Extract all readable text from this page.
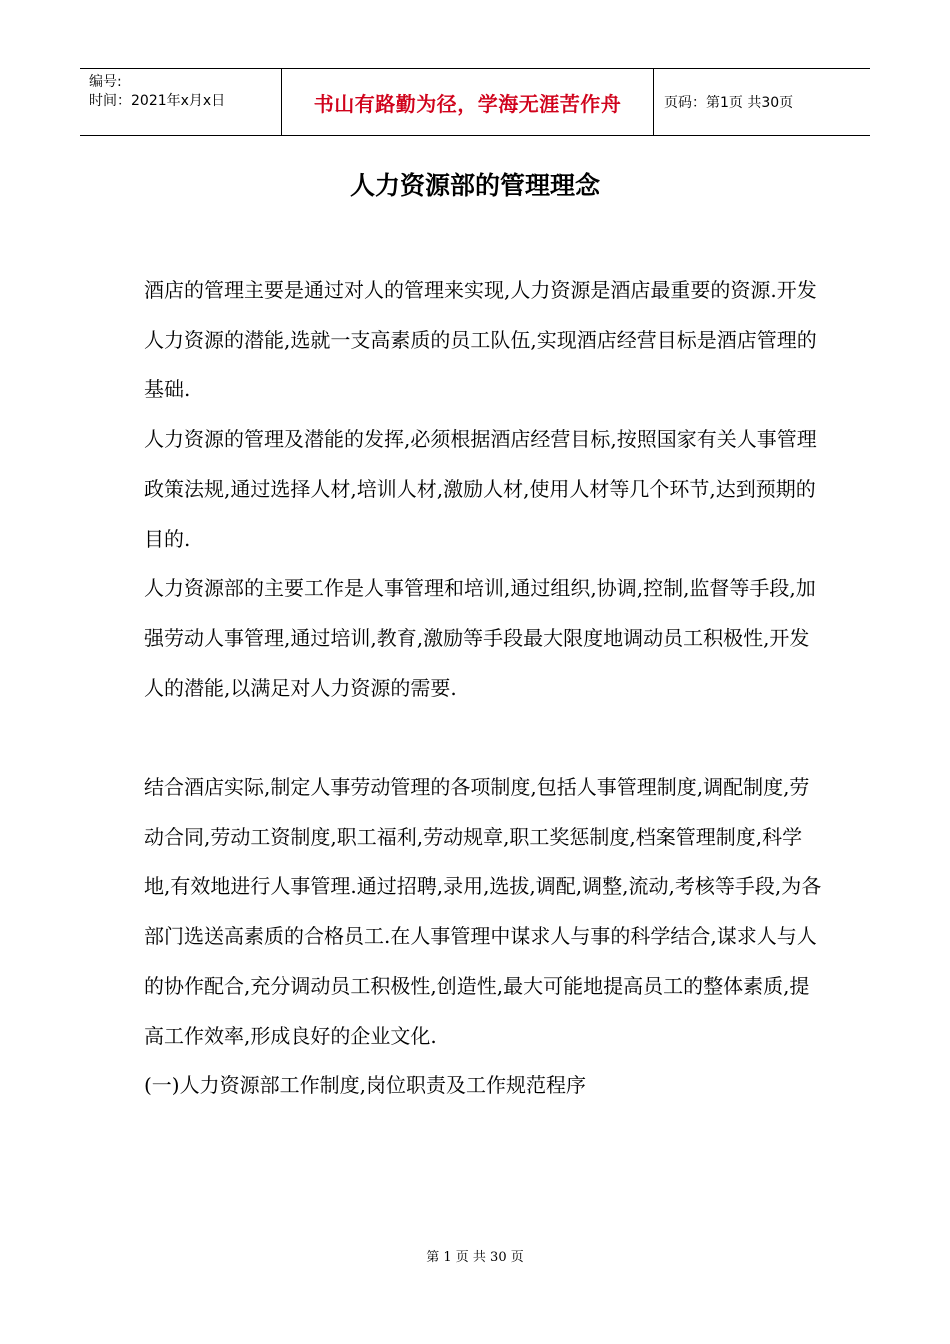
编号:
时间：2021年x月x日	书山有路勤为径，学海无涯苦作舟	页码：第1页 共30页
人力资源部的管理理念

酒店的管理主要是通过对人的管理来实现,人力资源是酒店最重要的资源.开发人力资源的潜能,选就一支高素质的员工队伍,实现酒店经营目标是酒店管理的基础.

人力资源的管理及潜能的发挥,必须根据酒店经营目标,按照国家有关人事管理政策法规,通过选择人材,培训人材,激励人材,使用人材等几个环节,达到预期的目的.

人力资源部的主要工作是人事管理和培训,通过组织,协调,控制,监督等手段,加强劳动人事管理,通过培训,教育,激励等手段最大限度地调动员工积极性,开发人的潜能,以满足对人力资源的需要.

结合酒店实际,制定人事劳动管理的各项制度,包括人事管理制度,调配制度,劳动合同,劳动工资制度,职工福利,劳动规章,职工奖惩制度,档案管理制度,科学地,有效地进行人事管理.通过招聘,录用,选拔,调配,调整,流动,考核等手段,为各部门选送高素质的合格员工.在人事管理中谋求人与事的科学结合,谋求人与人的协作配合,充分调动员工积极性,创造性,最大可能地提高员工的整体素质,提高工作效率,形成良好的企业文化.

(一)人力资源部工作制度,岗位职责及工作规范程序

第 1 页 共 30 页
